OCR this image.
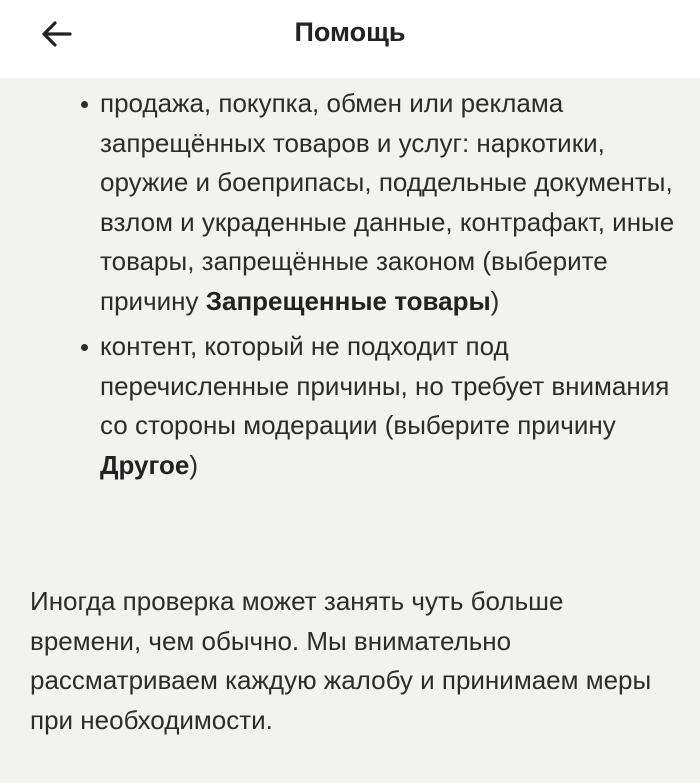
Помощь
продажа, покупка, обмен или реклама запрещённых товаров и услуг: наркотики, оружие и боеприпасы, поддельные документы, взлом и украденные данные, контрафакт, иные товары, запрещённые законом (выберите причину Запрещенные товары)
контент, который не подходит под перечисленные причины, но требует внимания со стороны модерации (выберите причину Другое)

Иногда проверка может занять чуть больше времени, чем обычно. Мы внимательно рассматриваем каждую жалобу и принимаем меры при необходимости.
